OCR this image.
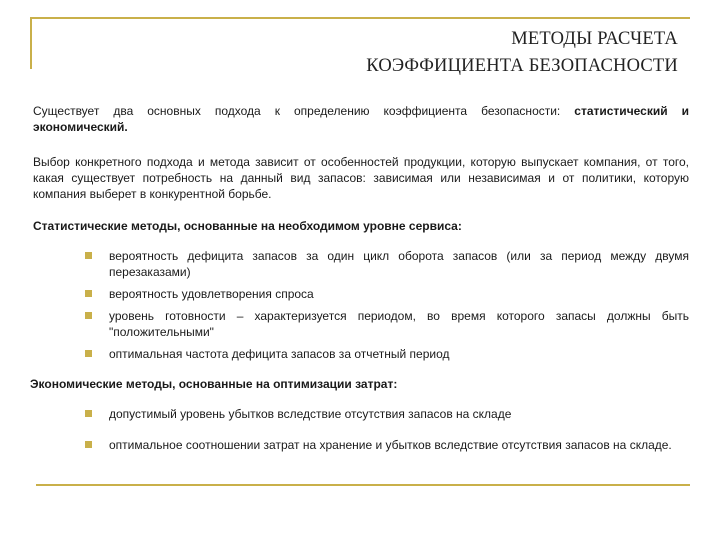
МЕТОДЫ РАСЧЕТА
КОЭФФИЦИЕНТА БЕЗОПАСНОСТИ

Существует два основных подхода к определению коэффициента безопасности: статистический и экономический.

Выбор конкретного подхода и метода зависит от особенностей продукции, которую выпускает компания, от того, какая существует потребность на данный вид запасов: зависимая или независимая и от политики, которую компания выберет в конкурентной борьбе.

Статистические методы, основанные на необходимом уровне сервиса:

вероятность дефицита запасов за один цикл оборота запасов (или за период между двумя перезаказами)
вероятность удовлетворения спроса
уровень готовности – характеризуется периодом, во время которого запасы должны быть "положительными"
оптимальная частота дефицита запасов за отчетный период

Экономические методы, основанные на оптимизации затрат:

допустимый уровень убытков вследствие отсутствия запасов на складе
оптимальное соотношении затрат на хранение и убытков вследствие отсутствия запасов на складе.
